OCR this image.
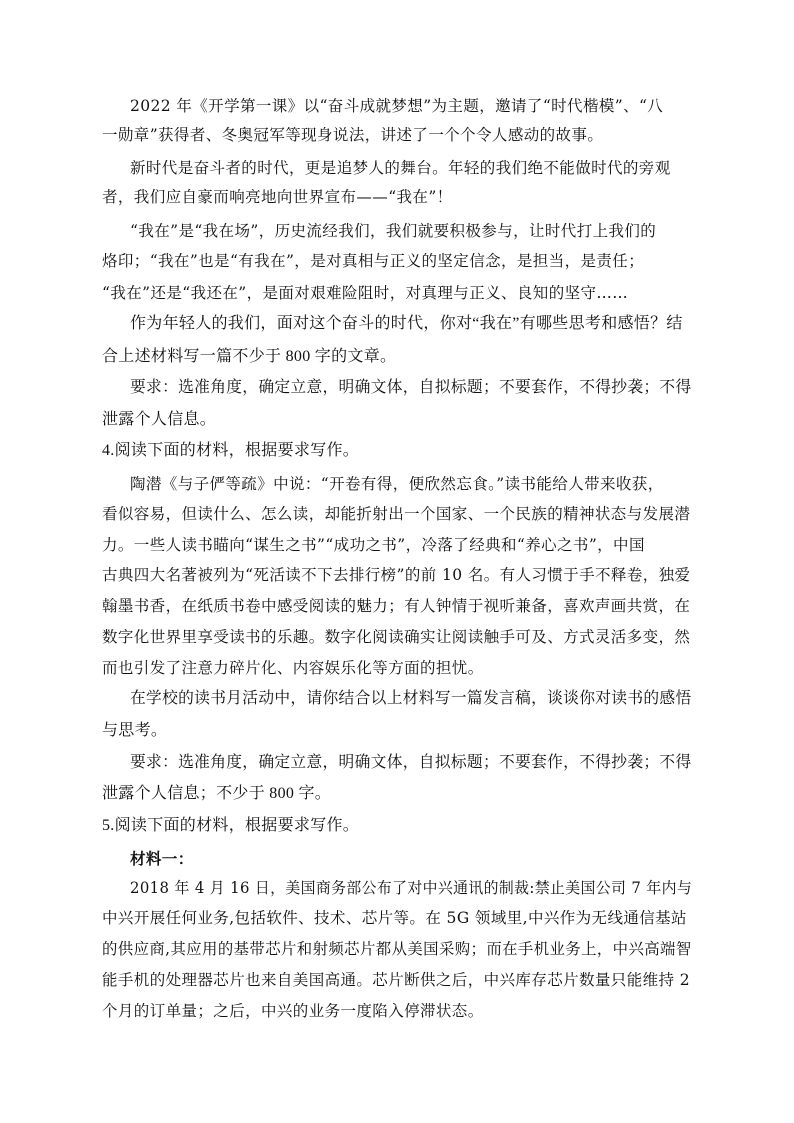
2022 年《开学第一课》以“奋斗成就梦想”为主题，邀请了“时代楷模”、“八
一勋章”获得者、冬奥冠军等现身说法，讲述了一个个令人感动的故事。
新时代是奋斗者的时代，更是追梦人的舞台。年轻的我们绝不能做时代的旁观
者，我们应自豪而响亮地向世界宣布——“我在”！
“我在”是“我在场”，历史流经我们，我们就要积极参与，让时代打上我们的
烙印；“我在”也是“有我在”，是对真相与正义的坚定信念，是担当，是责任；
“我在”还是“我还在”，是面对艰难险阻时，对真理与正义、良知的坚守……
作为年轻人的我们，面对这个奋斗的时代，你对“我在”有哪些思考和感悟？结
合上述材料写一篇不少于 800 字的文章。
要求：选准角度，确定立意，明确文体，自拟标题；不要套作，不得抄袭；不得
泄露个人信息。
4.阅读下面的材料，根据要求写作。
陶潜《与子俨等疏》中说：“开卷有得，便欣然忘食。”读书能给人带来收获，
看似容易，但读什么、怎么读，却能折射出一个国家、一个民族的精神状态与发展潜
力。一些人读书瞄向“谋生之书”“成功之书”，冷落了经典和“养心之书”，中国
古典四大名著被列为“死活读不下去排行榜”的前 10 名。有人习惯于手不释卷，独爱
翰墨书香，在纸质书卷中感受阅读的魅力；有人钟情于视听兼备，喜欢声画共赏，在
数字化世界里享受读书的乐趣。数字化阅读确实让阅读触手可及、方式灵活多变，然
而也引发了注意力碎片化、内容娱乐化等方面的担忧。
在学校的读书月活动中，请你结合以上材料写一篇发言稿，谈谈你对读书的感悟
与思考。
要求：选准角度，确定立意，明确文体，自拟标题；不要套作，不得抄袭；不得
泄露个人信息；不少于 800 字。
5.阅读下面的材料，根据要求写作。
材料一：
2018 年 4 月 16 日，美国商务部公布了对中兴通讯的制裁:禁止美国公司 7 年内与
中兴开展任何业务,包括软件、技术、芯片等。在 5G 领域里,中兴作为无线通信基站
的供应商,其应用的基带芯片和射频芯片都从美国采购；而在手机业务上，中兴高端智
能手机的处理器芯片也来自美国高通。芯片断供之后，中兴库存芯片数量只能维持 2
个月的订单量；之后，中兴的业务一度陷入停滞状态。
